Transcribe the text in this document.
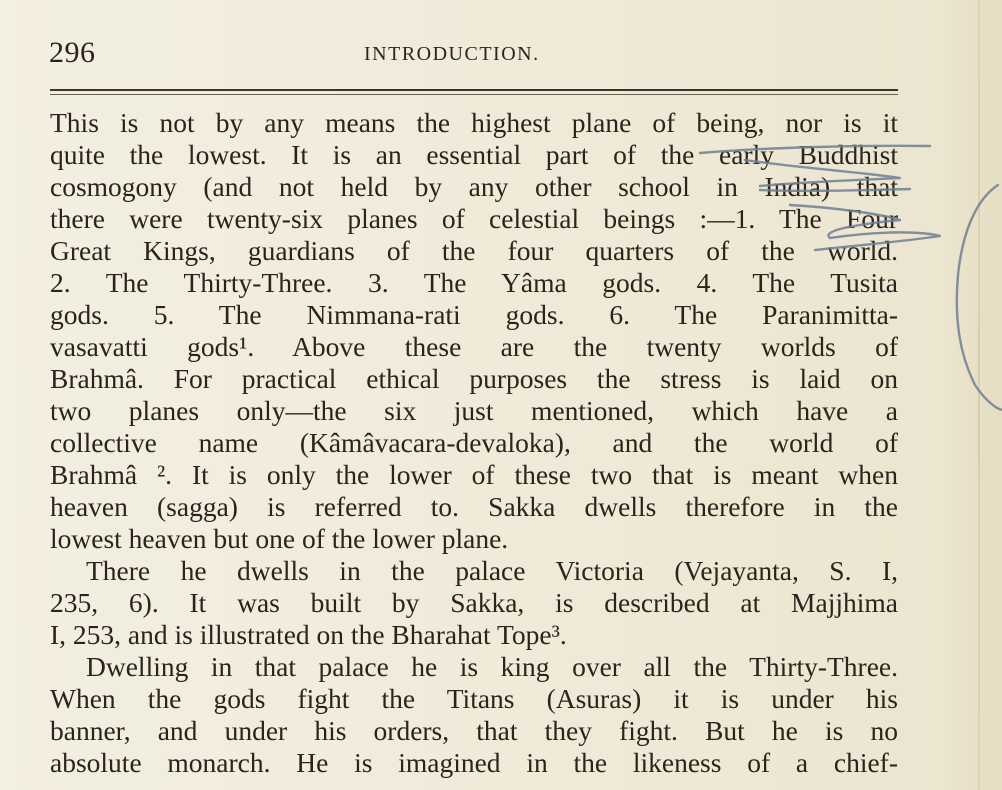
296	INTRODUCTION.
This is not by any means the highest plane of being, nor is it
quite the lowest. It is an essential part of the early Buddhist
cosmogony (and not held by any other school in India) that
there were twenty-six planes of celestial beings :—1. The Four
Great Kings, guardians of the four quarters of the world.
2. The Thirty-Three. 3. The Yâma gods. 4. The Tusita
gods. 5. The Nimmana-rati gods. 6. The Paranimitta-
vasavatti gods¹. Above these are the twenty worlds of
Brahmâ. For practical ethical purposes the stress is laid on
two planes only—the six just mentioned, which have a
collective name (Kâmâvacara-devaloka), and the world of
Brahmâ ². It is only the lower of these two that is meant when
heaven (sagga) is referred to. Sakka dwells therefore in the
lowest heaven but one of the lower plane.
There he dwells in the palace Victoria (Vejayanta, S. I,
235, 6). It was built by Sakka, is described at Majjhima
I, 253, and is illustrated on the Bharahat Tope³.
Dwelling in that palace he is king over all the Thirty-Three.
When the gods fight the Titans (Asuras) it is under his
banner, and under his orders, that they fight. But he is no
absolute monarch. He is imagined in the likeness of a chief-
